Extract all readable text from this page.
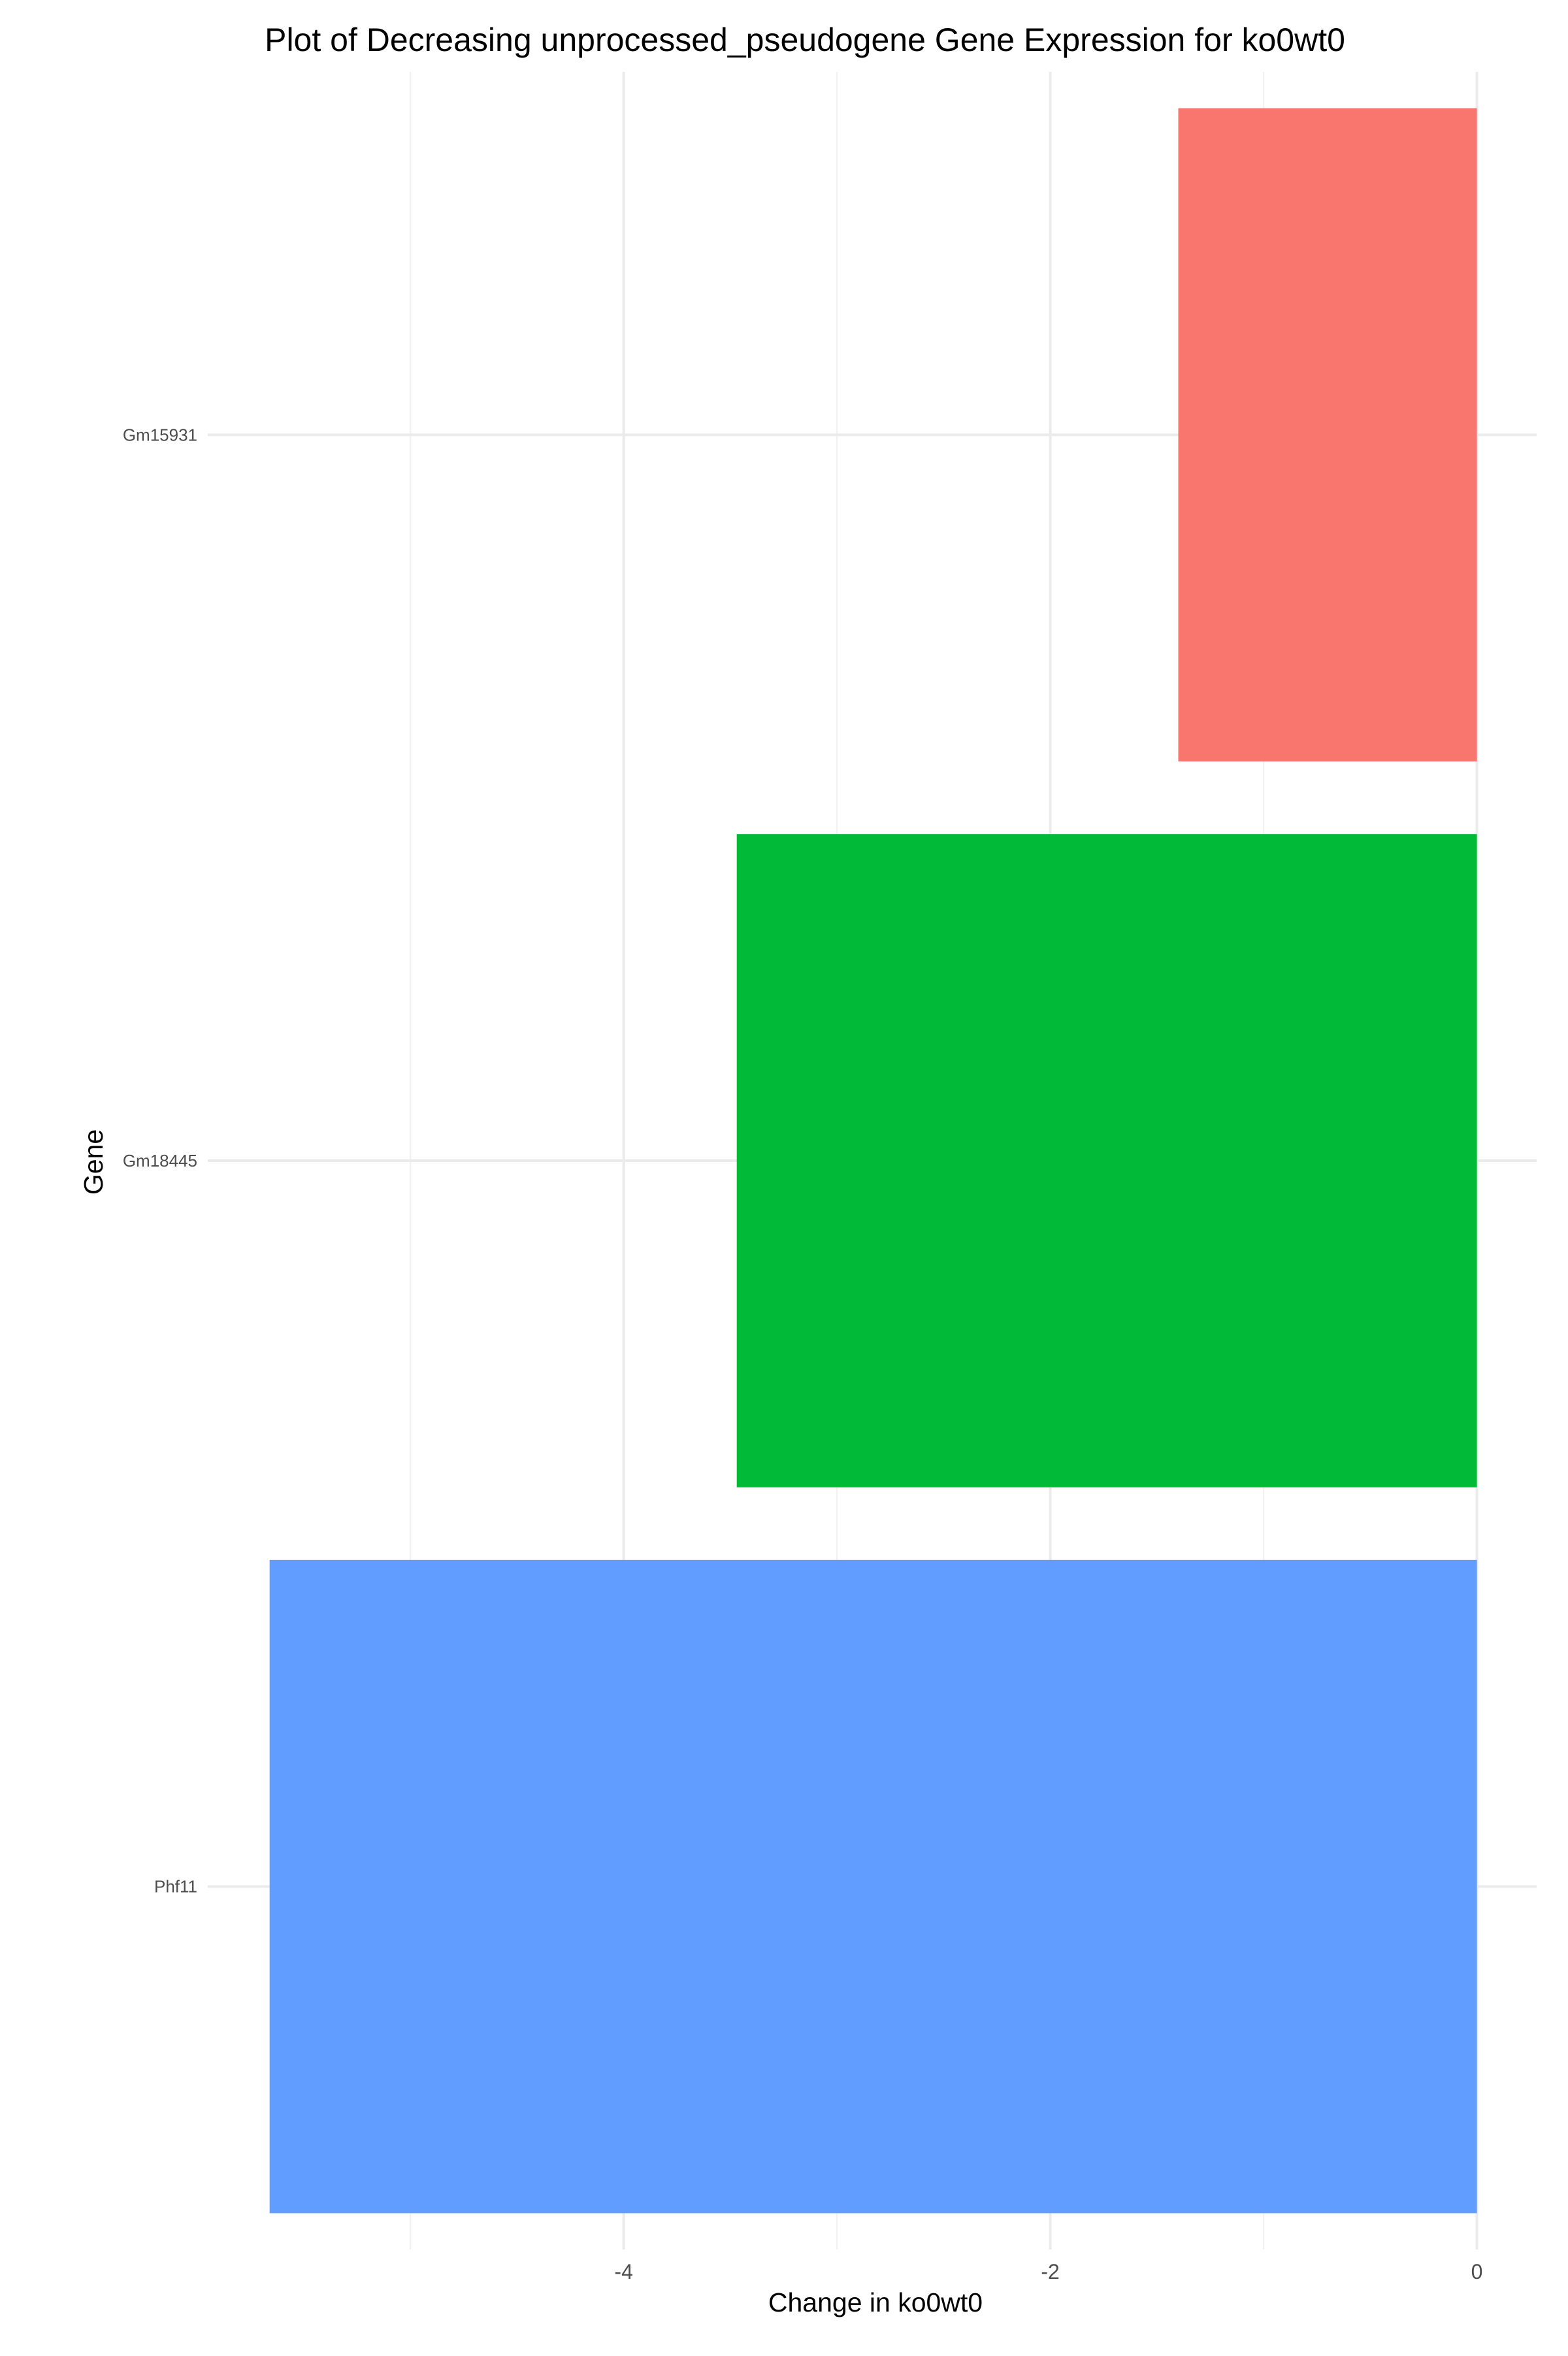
Gm15931
Gm18445
Phf11
-4	-2	0
Plot of Decreasing unprocessed_pseudogene Gene Expression for ko0wt0
Change in ko0wt0
Gene
